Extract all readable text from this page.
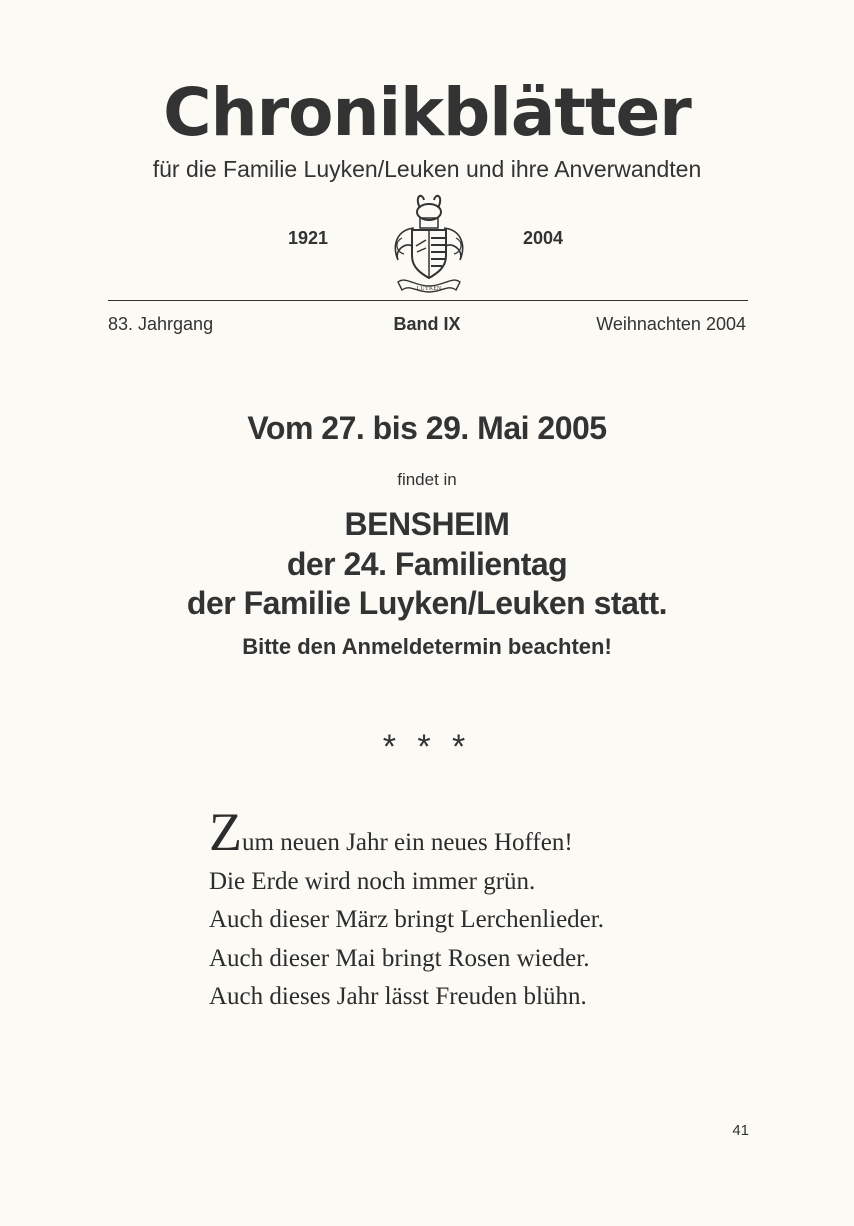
Chronikblätter
für die Familie Luyken/Leuken und ihre Anverwandten
1921
LUYKEN
2004
83. Jahrgang	Band IX	Weihnachten 2004
Vom 27. bis 29. Mai 2005
findet in
BENSHEIM
der 24. Familientag
der Familie Luyken/Leuken statt.
Bitte den Anmeldetermin beachten!
* * *
Zum neuen Jahr ein neues Hoffen!
Die Erde wird noch immer grün.
Auch dieser März bringt Lerchenlieder.
Auch dieser Mai bringt Rosen wieder.
Auch dieses Jahr lässt Freuden blühn.
41
